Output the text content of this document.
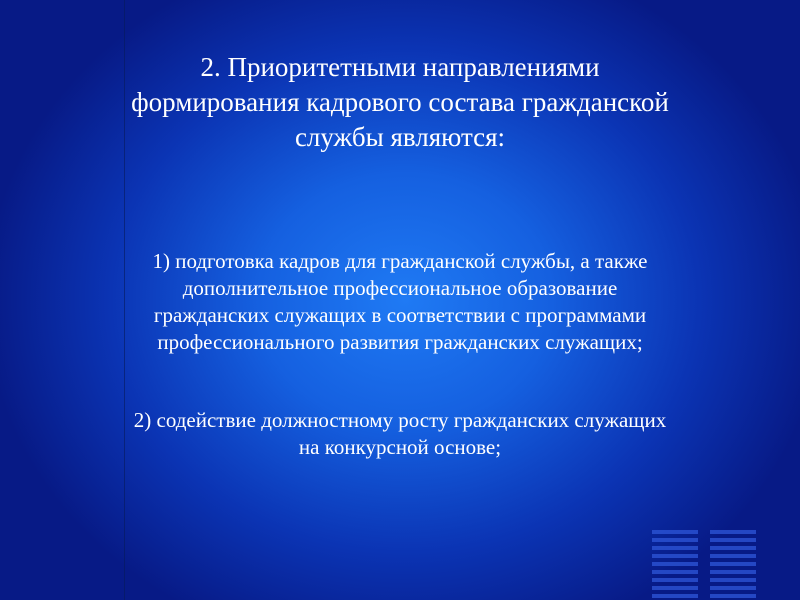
2. Приоритетными направлениями
формирования кадрового состава гражданской
службы являются:
1) подготовка кадров для гражданской службы, а также
дополнительное профессиональное образование
гражданских служащих в соответствии с программами
профессионального развития гражданских служащих;
2) содействие должностному росту гражданских служащих
на конкурсной основе;
